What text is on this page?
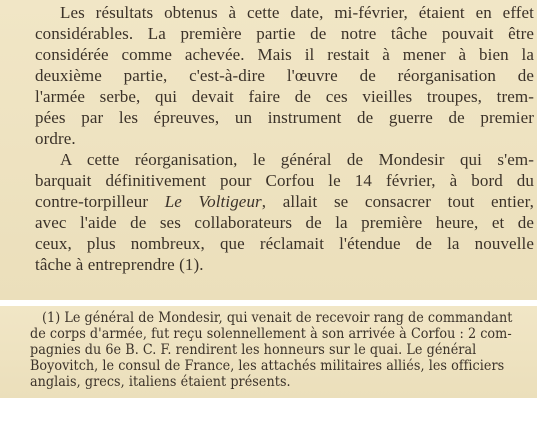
Les résultats obtenus à cette date, mi-février, étaient en effet
considérables. La première partie de notre tâche pouvait être
considérée comme achevée. Mais il restait à mener à bien la
deuxième partie, c'est-à-dire l'œuvre de réorganisation de
l'armée serbe, qui devait faire de ces vieilles troupes, trem-
pées par les épreuves, un instrument de guerre de premier
ordre.
A cette réorganisation, le général de Mondesir qui s'em-
barquait définitivement pour Corfou le 14 février, à bord du
contre-torpilleur Le Voltigeur, allait se consacrer tout entier,
avec l'aide de ses collaborateurs de la première heure, et de
ceux, plus nombreux, que réclamait l'étendue de la nouvelle
tâche à entreprendre (1).
(1) Le général de Mondesir, qui venait de recevoir rang de commandant
de corps d'armée, fut reçu solennellement à son arrivée à Corfou : 2 com-
pagnies du 6e B. C. F. rendirent les honneurs sur le quai. Le général
Boyovitch, le consul de France, les attachés militaires alliés, les officiers
anglais, grecs, italiens étaient présents.
